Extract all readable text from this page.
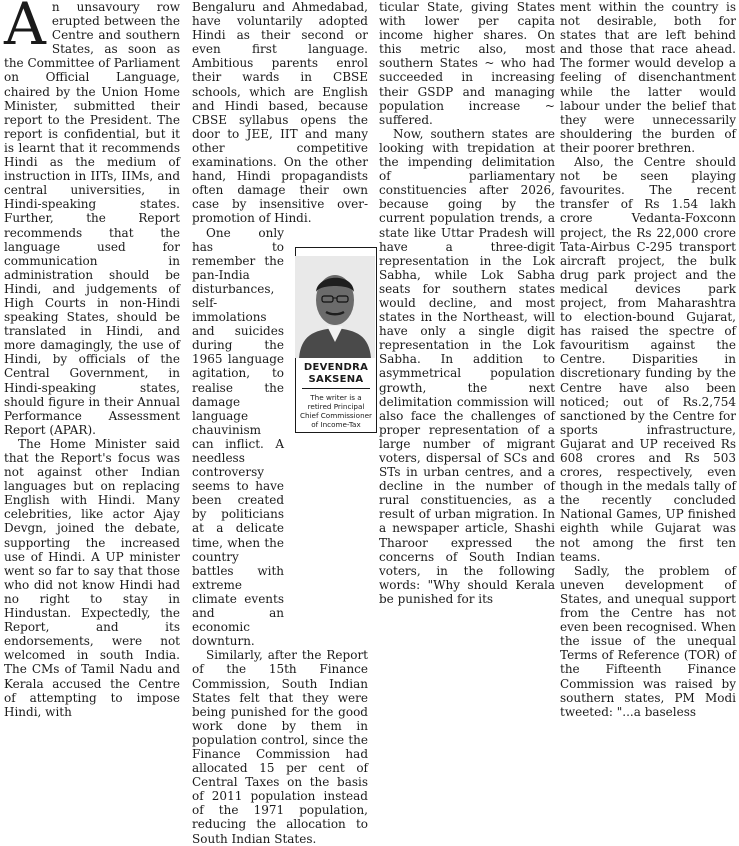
An unsavoury row erupted between the Centre and southern States, as soon as the Committee of Parliament on Official Language, chaired by the Union Home Minister, submitted their report to the President. The report is confidential, but it is learnt that it recommends Hindi as the medium of instruction in IITs, IIMs, and central universities, in Hindi-speaking states. Further, the Report recommends that the language used for communication in administration should be Hindi, and judgements of High Courts in non-Hindi speaking States, should be translated in Hindi, and more damagingly, the use of Hindi, by officials of the Central Government, in Hindi-speaking states, should figure in their Annual Performance Assessment Report (APAR).

The Home Minister said that the Report's focus was not against other Indian languages but on replacing English with Hindi. Many celebrities, like actor Ajay Devgn, joined the debate, supporting the increased use of Hindi. A UP minister went so far to say that those who did not know Hindi had no right to stay in Hindustan. Expectedly, the Report, and its endorsements, were not welcomed in south India. The CMs of Tamil Nadu and Kerala accused the Centre of attempting to impose Hindi, with

Bengaluru and Ahmedabad, have voluntarily adopted Hindi as their second or even first language. Ambitious parents enrol their wards in CBSE schools, which are English and Hindi based, because CBSE syllabus opens the door to JEE, IIT and many other competitive examinations. On the other hand, Hindi propagandists often damage their own case by insensitive over-promotion of Hindi.

One only has to remember the pan-India disturbances, self-immolations and suicides during the 1965 language agitation, to realise the damage language chauvinism can inflict. A needless controversy seems to have been created by politicians at a delicate time, when the country battles with extreme climate events and an economic downturn.

Similarly, after the Report of the 15th Finance Commission, South Indian States felt that they were being punished for the good work done by them in population control, since the Finance Commission had allocated 15 per cent of Central Taxes on the basis of 2011 population instead of the 1971 population, reducing the allocation to South Indian States.

ticular State, giving States with lower per capita income higher shares. On this metric also, most southern States ~ who had succeeded in increasing their GSDP and managing population increase ~ suffered.

Now, southern states are looking with trepidation at the impending delimitation of parliamentary constituencies after 2026, because going by the current population trends, a state like Uttar Pradesh will have a three-digit representation in the Lok Sabha, while Lok Sabha seats for southern states would decline, and most states in the Northeast, will have only a single digit representation in the Lok Sabha. In addition to asymmetrical population growth, the next delimitation commission will also face the challenges of proper representation of a large number of migrant voters, dispersal of SCs and STs in urban centres, and a decline in the number of rural constituencies, as a result of urban migration. In a newspaper article, Shashi Tharoor expressed the concerns of South Indian voters, in the following words: "Why should Kerala be punished for its

ment within the country is not desirable, both for states that are left behind and those that race ahead. The former would develop a feeling of disenchantment while the latter would labour under the belief that they were unnecessarily shouldering the burden of their poorer brethren.

Also, the Centre should not be seen playing favourites. The recent transfer of Rs 1.54 lakh crore Vedanta-Foxconn project, the Rs 22,000 crore Tata-Airbus C-295 transport aircraft project, the bulk drug park project and the medical devices park project, from Maharashtra to election-bound Gujarat, has raised the spectre of favouritism against the Centre. Disparities in discretionary funding by the Centre have also been noticed; out of Rs.2,754 sanctioned by the Centre for sports infrastructure, Gujarat and UP received Rs 608 crores and Rs 503 crores, respectively, even though in the medals tally of the recently concluded National Games, UP finished eighth while Gujarat was not among the first ten teams.

Sadly, the problem of uneven development of States, and unequal support from the Centre has not even been recognised. When the issue of the unequal Terms of Reference (TOR) of the Fifteenth Finance Commission was raised by southern states, PM Modi tweeted: "...a baseless

DEVENDRA
SAKSENA
The writer is a retired Principal Chief Commissioner of Income-Tax
